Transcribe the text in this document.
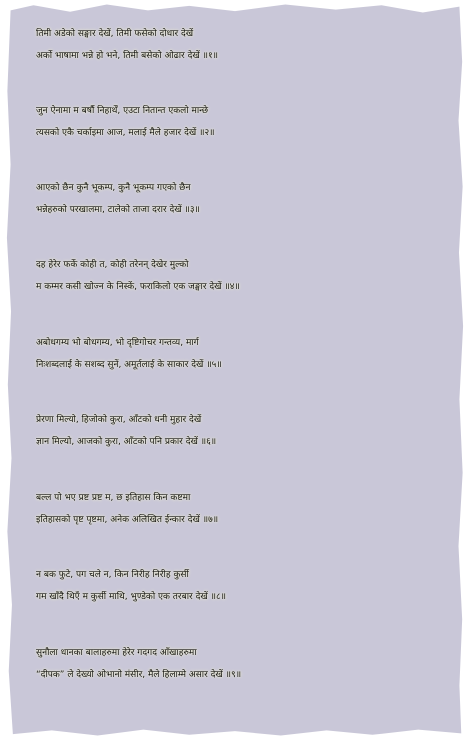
तिमी अडेको सङ्घार देखें, तिमी फसेको दोधार देखें
अर्को भाषामा भन्ने हो भने, तिमी बसेको ओढार देखें ॥१॥
जुन ऐनामा म बर्षौ निहार्थें, एउटा नितान्त एकलो मान्छे
त्यसको एकै चर्काइमा आज, मलाई मैले हजार देखें ॥२॥
आएको छैन कुनै भूकम्प, कुनै भूकम्प गएको छैन
भन्नेहरुको परखालमा, टालेको ताजा दरार देखें ॥३॥
दह हेरेर फर्के कोही त, कोही तरेनन् देखेर मुल्को
म कम्मर कसी खोज्न के निस्कें, फराकिलो एक जङ्घार देखें ॥४॥
अबोधगम्य भो बोधगम्य, भो दृष्टिगोचर गन्तव्य, मार्ग
निःशब्दलाई के सशब्द सुनें, अमूर्तलाई के साकार देखें ॥५॥
प्रेरणा मिल्यो, हिजोको कुरा, आँटको धनी मुहार देखें
ज्ञान मिल्यो, आजको कुरा, आँटको पनि प्रकार देखें ॥६॥
बल्ल पो भए प्रष्ट प्रष्ट म, छ इतिहास किन कष्टमा
इतिहासको पृष्ट पृष्टमा, अनेक अलिखित ईन्कार देखें ॥७॥
न बक फुटे, पग चले न, किन निरीह निरीह कुर्सी
गम खाँदै थिएँ म कुर्सी माथि, भुण्डेको एक तरबार देखें ॥८॥
सुनौला धानका बालाहरुमा हेरेर गदगद आँखाहरुमा
“दीपक” ले देख्यो ओभानो मंसीर, मैले हिलाम्मे असार देखें ॥९॥
